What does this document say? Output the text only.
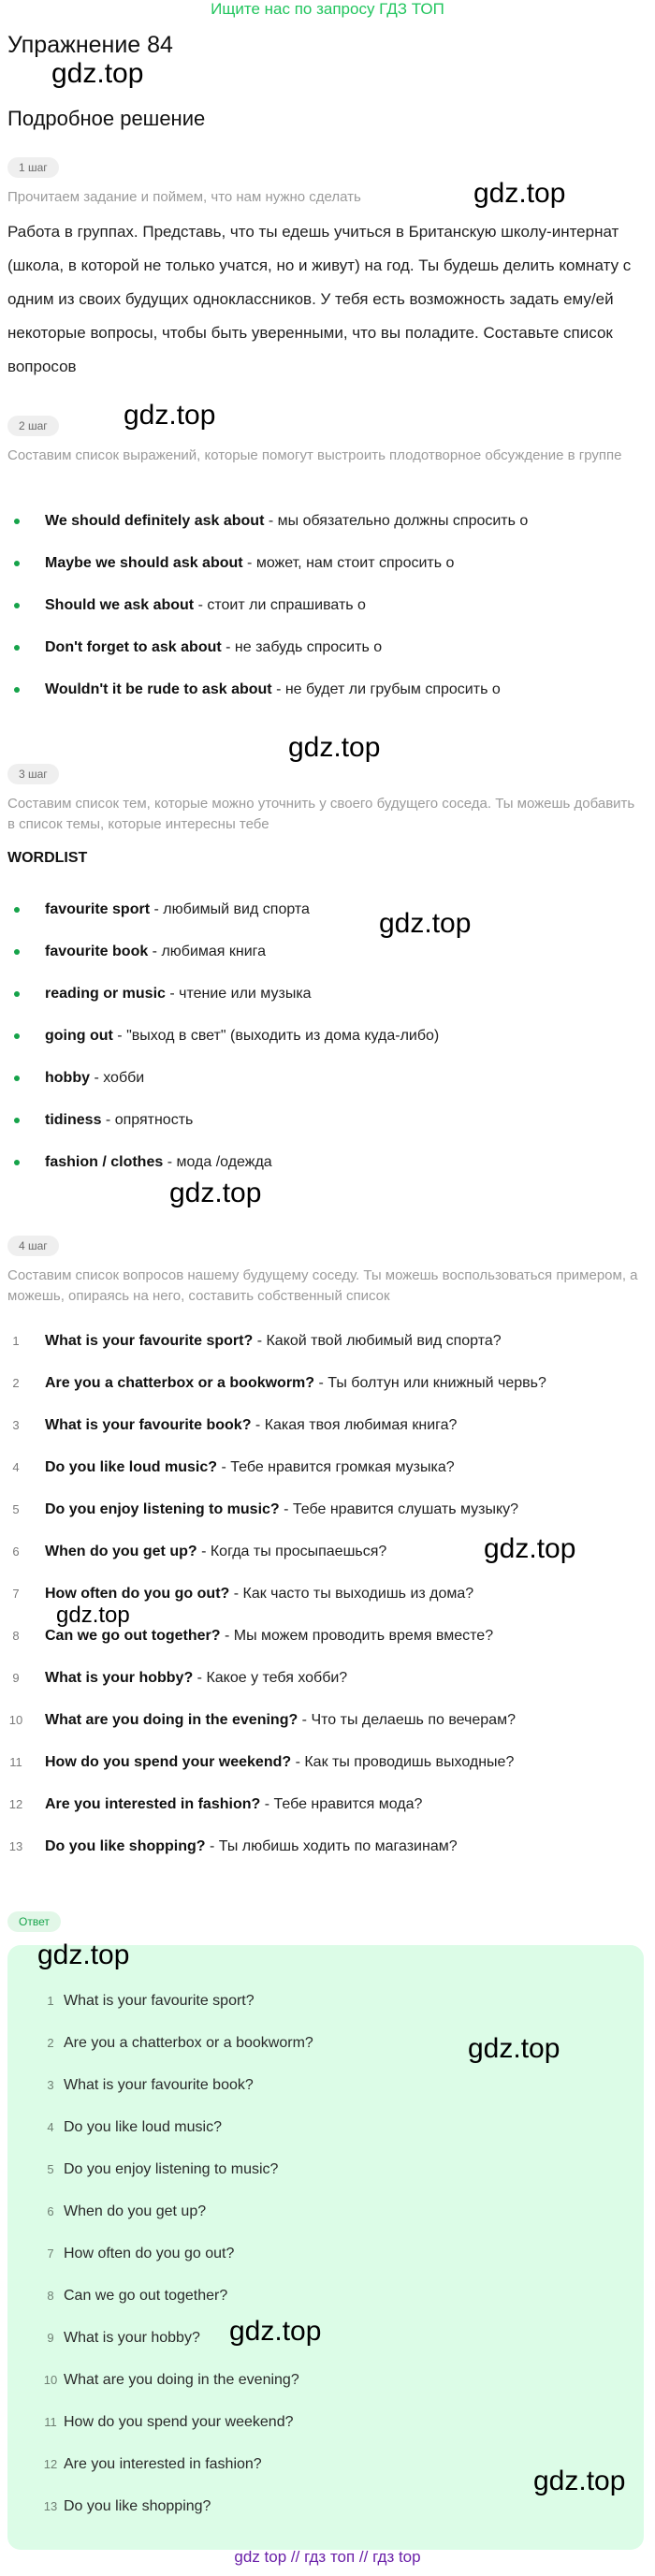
Ищите нас по запросу ГДЗ ТОП
Упражнение 84
Подробное решение
1 шаг
Прочитаем задание и поймем, что нам нужно сделать
Работа в группах. Представь, что ты едешь учиться в Британскую школу-интернат (школа, в которой не только учатся, но и живут) на год. Ты будешь делить комнату с одним из своих будущих одноклассников. У тебя есть возможность задать ему/ей некоторые вопросы, чтобы быть уверенными, что вы поладите. Составьте список вопросов
2 шаг
Составим список выражений, которые помогут выстроить плодотворное обсуждение в группе
We should definitely ask about - мы обязательно должны спросить о
Maybe we should ask about - может, нам стоит спросить о
Should we ask about - стоит ли спрашивать о
Don't forget to ask about - не забудь спросить о
Wouldn't it be rude to ask about - не будет ли грубым спросить о
3 шаг
Составим список тем, которые можно уточнить у своего будущего соседа. Ты можешь добавить в список темы, которые интересны тебе
WORDLIST
favourite sport - любимый вид спорта
favourite book - любимая книга
reading or music - чтение или музыка
going out - "выход в свет" (выходить из дома куда-либо)
hobby - хобби
tidiness - опрятность
fashion / clothes - мода /одежда
4 шаг
Составим список вопросов нашему будущему соседу. Ты можешь воспользоваться примером, а можешь, опираясь на него, составить собственный список
1	What is your favourite sport? - Какой твой любимый вид спорта?
2	Are you a chatterbox or a bookworm? - Ты болтун или книжный червь?
3	What is your favourite book? - Какая твоя любимая книга?
4	Do you like loud music? - Тебе нравится громкая музыка?
5	Do you enjoy listening to music? - Тебе нравится слушать музыку?
6	When do you get up? - Когда ты просыпаешься?
7	How often do you go out? - Как часто ты выходишь из дома?
8	Can we go out together? - Мы можем проводить время вместе?
9	What is your hobby? - Какое у тебя хобби?
10	What are you doing in the evening? - Что ты делаешь по вечерам?
11	How do you spend your weekend? - Как ты проводишь выходные?
12	Are you interested in fashion? - Тебе нравится мода?
13	Do you like shopping? - Ты любишь ходить по магазинам?
Ответ
1 What is your favourite sport?
2 Are you a chatterbox or a bookworm?
3 What is your favourite book?
4 Do you like loud music?
5 Do you enjoy listening to music?
6 When do you get up?
7 How often do you go out?
8 Can we go out together?
9 What is your hobby?
10 What are you doing in the evening?
11 How do you spend your weekend?
12 Are you interested in fashion?
13 Do you like shopping?
gdz.top
gdz.top
gdz.top
gdz.top
gdz.top
gdz.top
gdz.top
gdz.top
gdz.top
gdz.top
gdz.top
gdz.top
gdz top // гдз топ // гдз top
